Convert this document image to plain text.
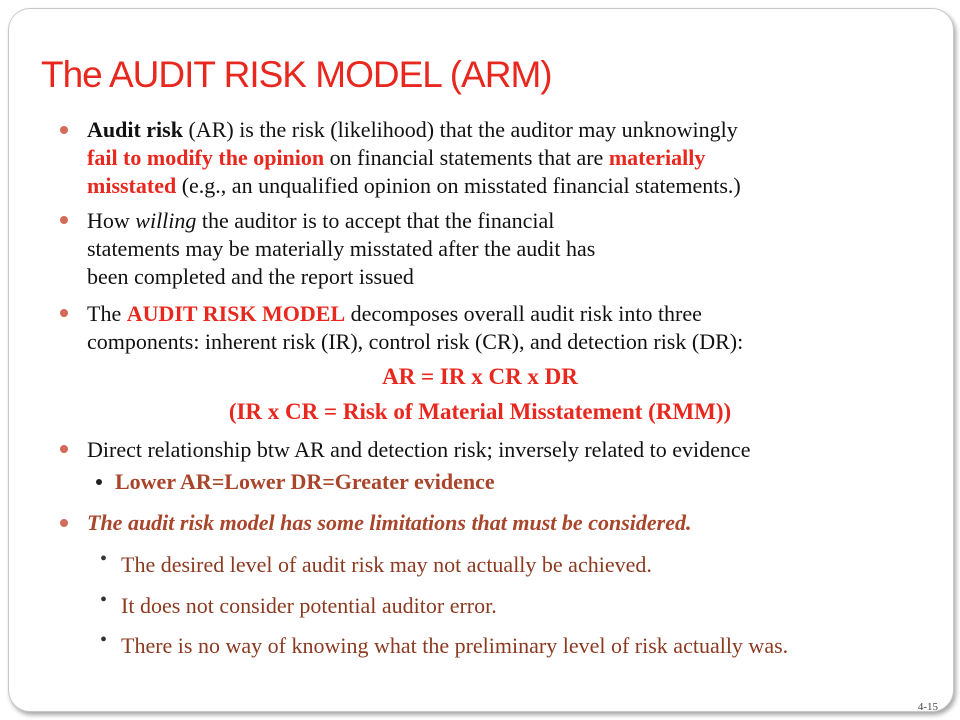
The AUDIT RISK MODEL (ARM)
Audit risk (AR) is the risk (likelihood) that the auditor may unknowingly
fail to modify the opinion on financial statements that are materially
misstated (e.g., an unqualified opinion on misstated financial statements.)
How willing the auditor is to accept that the financial
statements may be materially misstated after the audit has
been completed and the report issued
The AUDIT RISK MODEL decomposes overall audit risk into three
components: inherent risk (IR), control risk (CR), and detection risk (DR):
AR = IR x CR x DR
(IR x CR = Risk of Material Misstatement (RMM))
Direct relationship btw AR and detection risk; inversely related to evidence
Lower AR=Lower DR=Greater evidence
The audit risk model has some limitations that must be considered.
• The desired level of audit risk may not actually be achieved.
• It does not consider potential auditor error.
• There is no way of knowing what the preliminary level of risk actually was.
4-15
